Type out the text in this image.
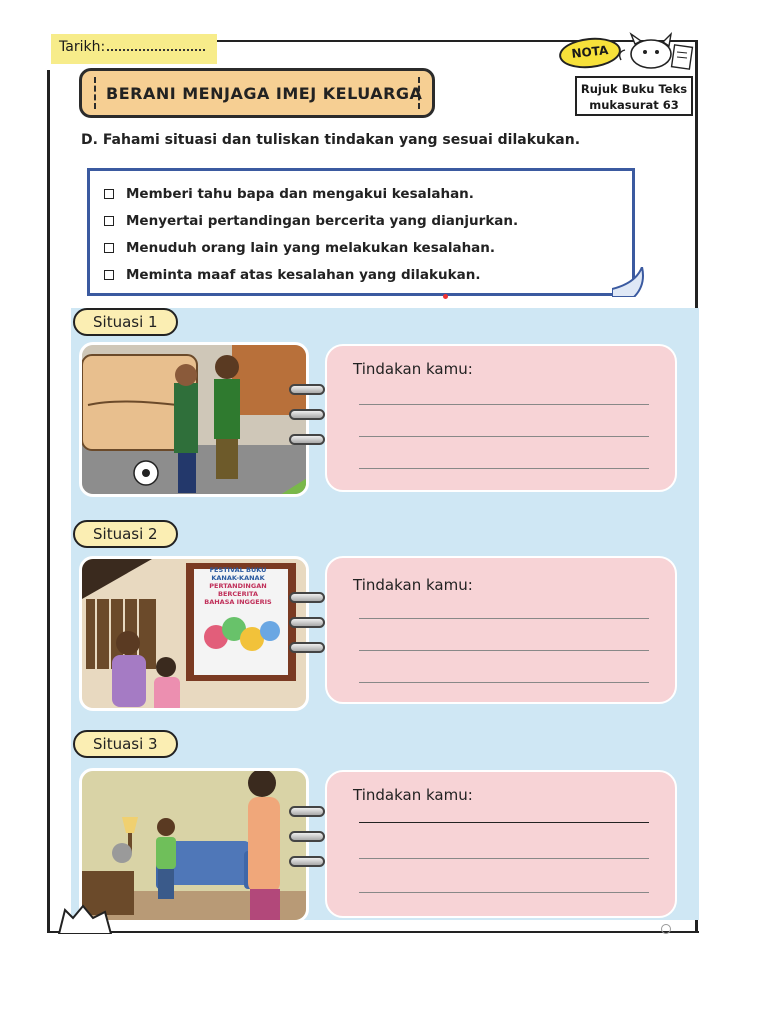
Tarikh:
BERANI MENJAGA IMEJ KELUARGA
NOTA
Rujuk Buku Teks
mukasurat 63
D. Fahami situasi dan tuliskan tindakan yang sesuai dilakukan.
Memberi tahu bapa dan mengakui kesalahan.
Menyertai pertandingan bercerita yang dianjurkan.
Menuduh orang lain yang melakukan kesalahan.
Meminta maaf atas kesalahan yang dilakukan.
Situasi 1
Tindakan kamu:
Situasi 2
FESTIVAL BUKU
KANAK-KANAK
PERTANDINGAN
BERCERITA
BAHASA INGGERIS
Tindakan kamu:
Situasi 3
Tindakan kamu:
